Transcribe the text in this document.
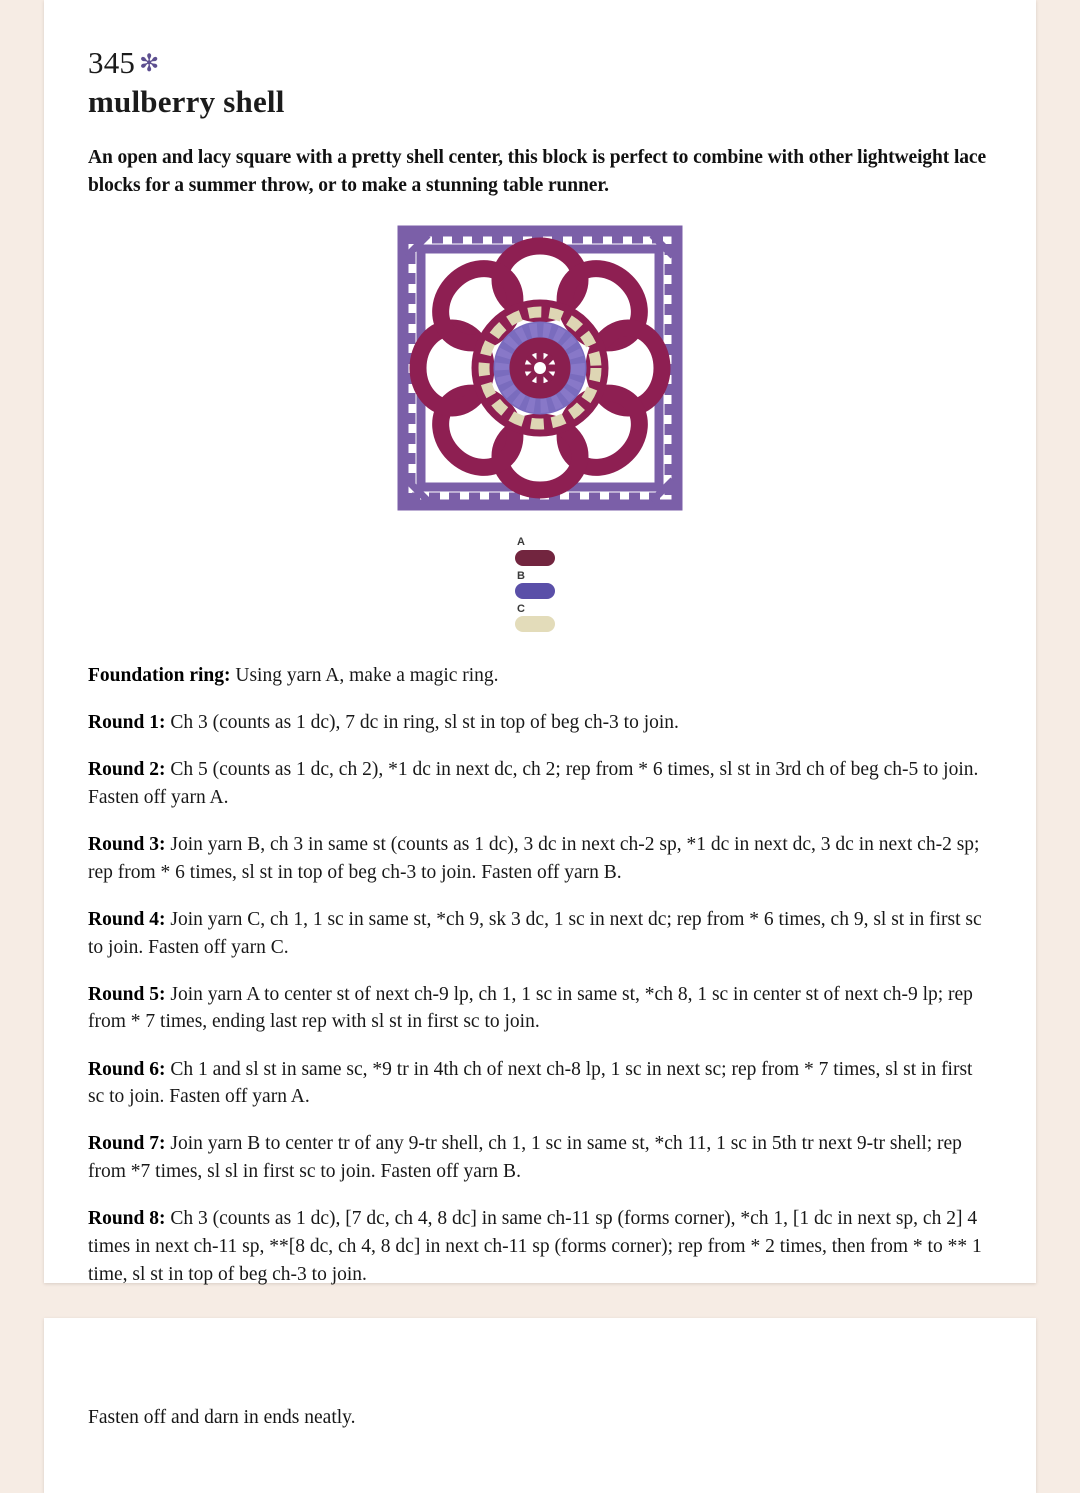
345 ✻
mulberry shell

An open and lacy square with a pretty shell center, this block is perfect to combine with other lightweight lace blocks for a summer throw, or to make a stunning table runner.

A
B
C

Foundation ring: Using yarn A, make a magic ring.

Round 1: Ch 3 (counts as 1 dc), 7 dc in ring, sl st in top of beg ch-3 to join.

Round 2: Ch 5 (counts as 1 dc, ch 2), *1 dc in next dc, ch 2; rep from * 6 times, sl st in 3rd ch of beg ch-5 to join. Fasten off yarn A.

Round 3: Join yarn B, ch 3 in same st (counts as 1 dc), 3 dc in next ch-2 sp, *1 dc in next dc, 3 dc in next ch-2 sp; rep from * 6 times, sl st in top of beg ch-3 to join. Fasten off yarn B.

Round 4: Join yarn C, ch 1, 1 sc in same st, *ch 9, sk 3 dc, 1 sc in next dc; rep from * 6 times, ch 9, sl st in first sc to join. Fasten off yarn C.

Round 5: Join yarn A to center st of next ch-9 lp, ch 1, 1 sc in same st, *ch 8, 1 sc in center st of next ch-9 lp; rep from * 7 times, ending last rep with sl st in first sc to join.

Round 6: Ch 1 and sl st in same sc, *9 tr in 4th ch of next ch-8 lp, 1 sc in next sc; rep from * 7 times, sl st in first sc to join. Fasten off yarn A.

Round 7: Join yarn B to center tr of any 9-tr shell, ch 1, 1 sc in same st, *ch 11, 1 sc in 5th tr next 9-tr shell; rep from *7 times, sl sl in first sc to join. Fasten off yarn B.

Round 8: Ch 3 (counts as 1 dc), [7 dc, ch 4, 8 dc] in same ch-11 sp (forms corner), *ch 1, [1 dc in next sp, ch 2] 4 times in next ch-11 sp, **[8 dc, ch 4, 8 dc] in next ch-11 sp (forms corner); rep from * 2 times, then from * to ** 1 time, sl st in top of beg ch-3 to join.

Fasten off and darn in ends neatly.
